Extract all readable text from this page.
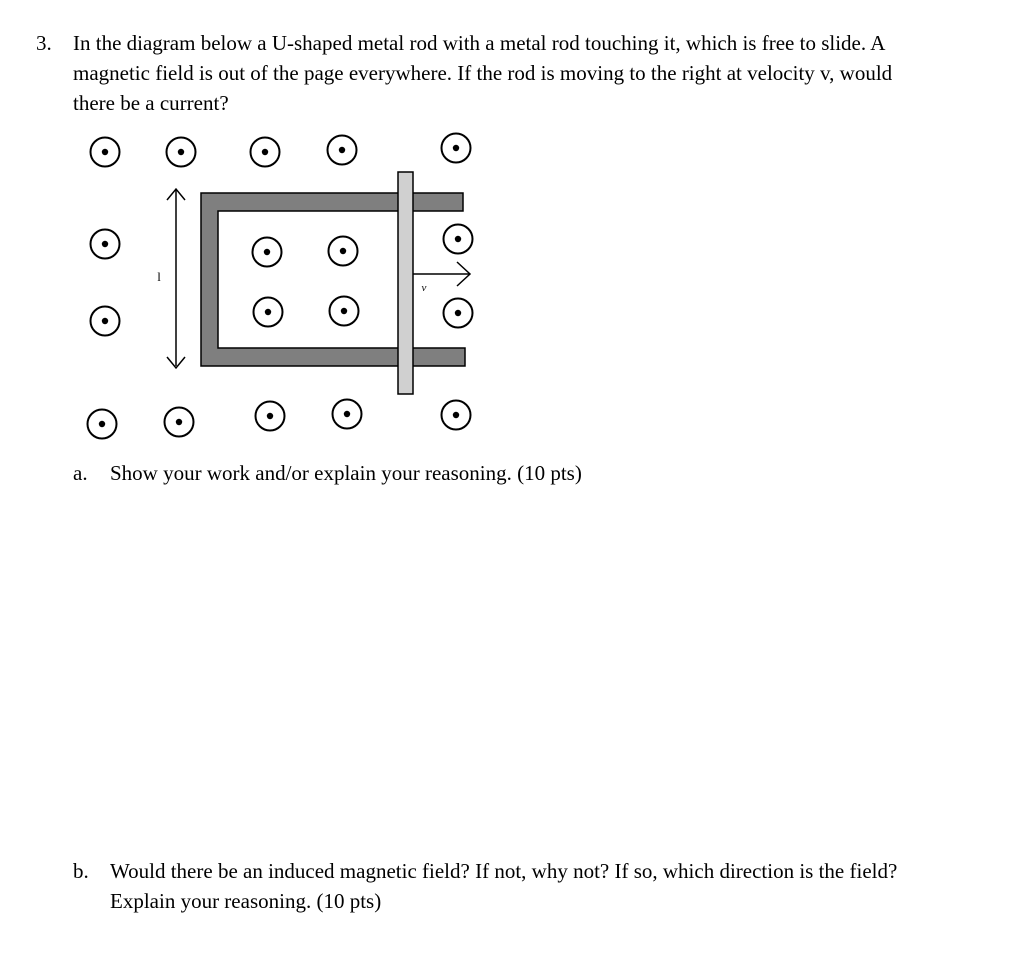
3. In the diagram below a U-shaped metal rod with a metal rod touching it, which is free to slide. A
magnetic field is out of the page everywhere. If the rod is moving to the right at velocity v, would
there be a current?
l
v
a. Show your work and/or explain your reasoning. (10 pts)
b. Would there be an induced magnetic field? If not, why not? If so, which direction is the field?
Explain your reasoning. (10 pts)
